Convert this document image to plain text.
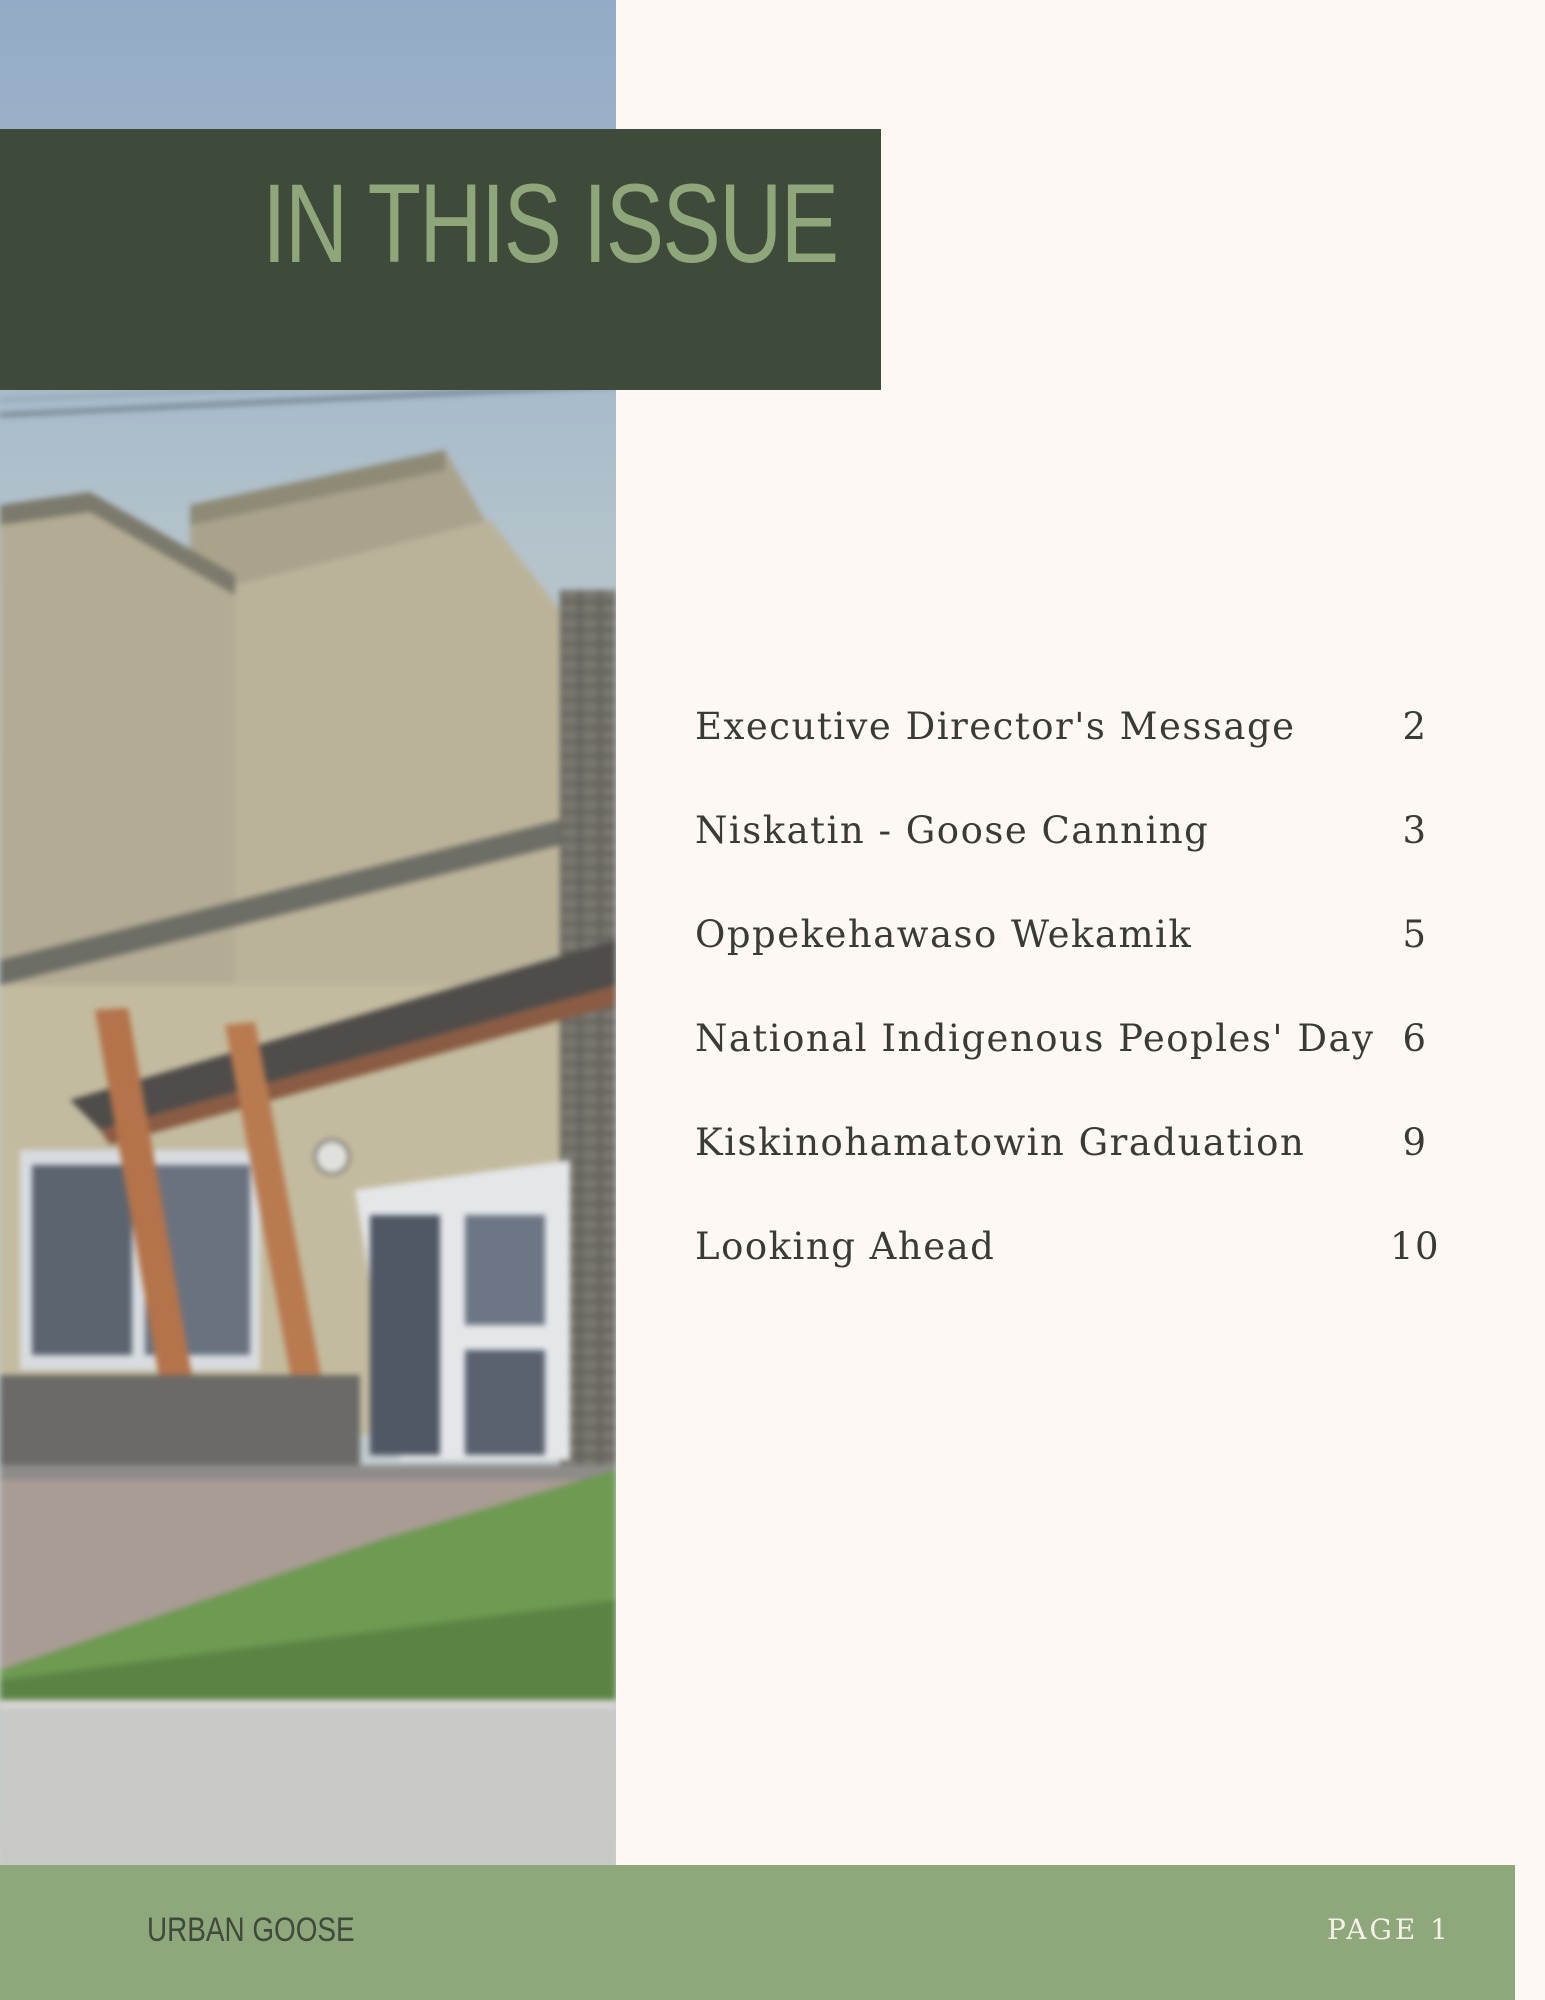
IN THIS ISSUE
Executive Director's Message	2
Niskatin - Goose Canning	3
Oppekehawaso Wekamik	5
National Indigenous Peoples' Day 6
Kiskinohamatowin Graduation	9
Looking Ahead	10
URBAN GOOSE	PAGE 1
